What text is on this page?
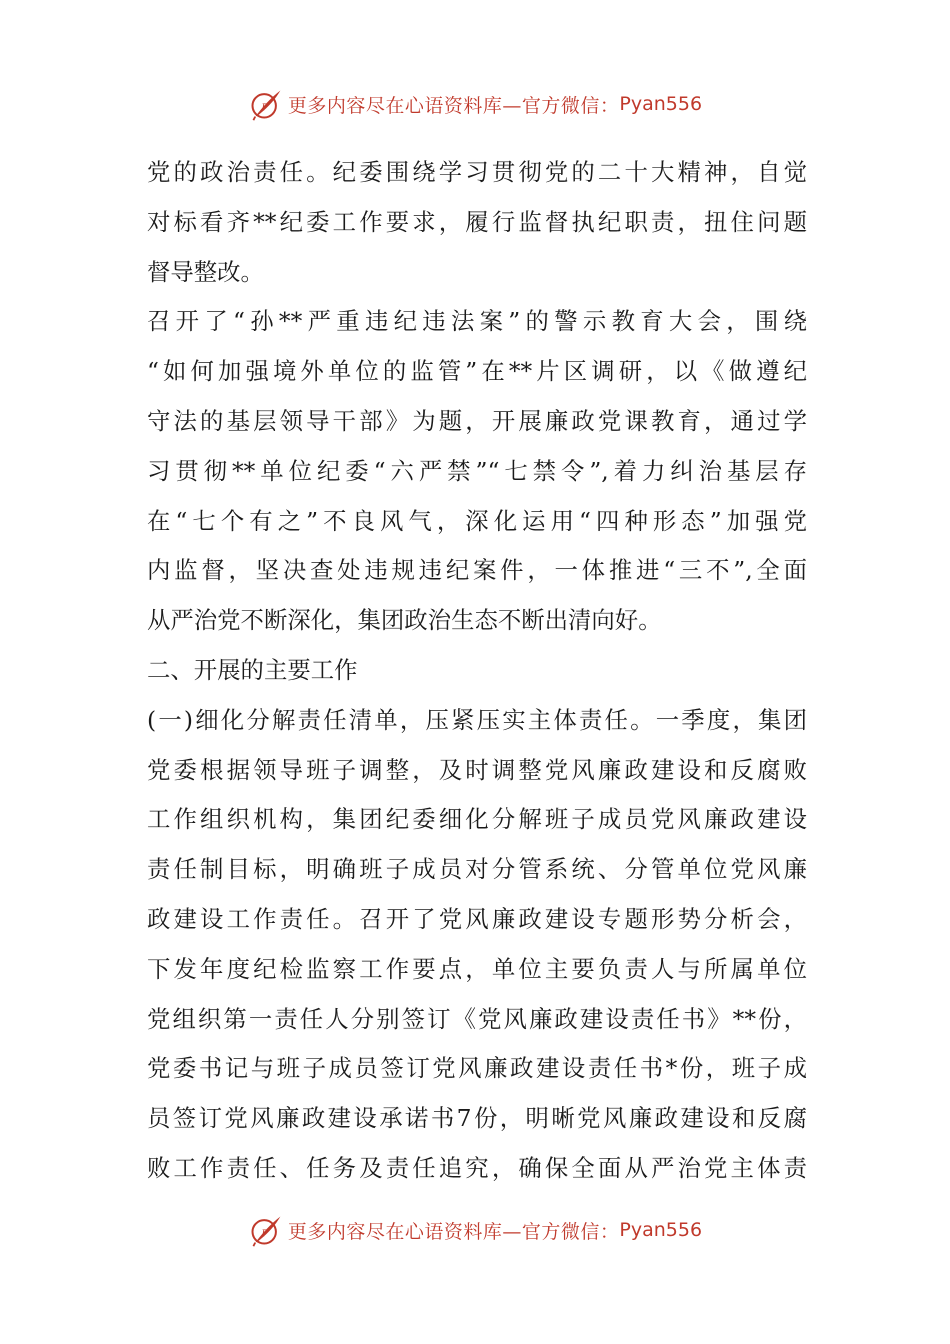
P 更多内容尽在心语资料库—官方微信： Pyan556
党的政治责任。纪委围绕学习贯彻党的二十大精神，自觉
对标看齐**纪委工作要求，履行监督执纪职责，扭住问题
督导整改。
召开了“孙**严重违纪违法案”的警示教育大会，围绕
“如何加强境外单位的监管”在**片区调研，以《做遵纪
守法的基层领导干部》为题，开展廉政党课教育，通过学
习贯彻**单位纪委“六严禁”“七禁令”,着力纠治基层存
在“七个有之”不良风气，深化运用“四种形态”加强党
内监督，坚决查处违规违纪案件，一体推进“三不”,全面
从严治党不断深化，集团政治生态不断出清向好。
二、开展的主要工作
(一)细化分解责任清单，压紧压实主体责任。一季度，集团
党委根据领导班子调整，及时调整党风廉政建设和反腐败
工作组织机构，集团纪委细化分解班子成员党风廉政建设
责任制目标，明确班子成员对分管系统、分管单位党风廉
政建设工作责任。召开了党风廉政建设专题形势分析会，
下发年度纪检监察工作要点，单位主要负责人与所属单位
党组织第一责任人分别签订《党风廉政建设责任书》**份，
党委书记与班子成员签订党风廉政建设责任书*份，班子成
员签订党风廉政建设承诺书7份，明晰党风廉政建设和反腐
败工作责任、任务及责任追究，确保全面从严治党主体责
P 更多内容尽在心语资料库—官方微信： Pyan556
